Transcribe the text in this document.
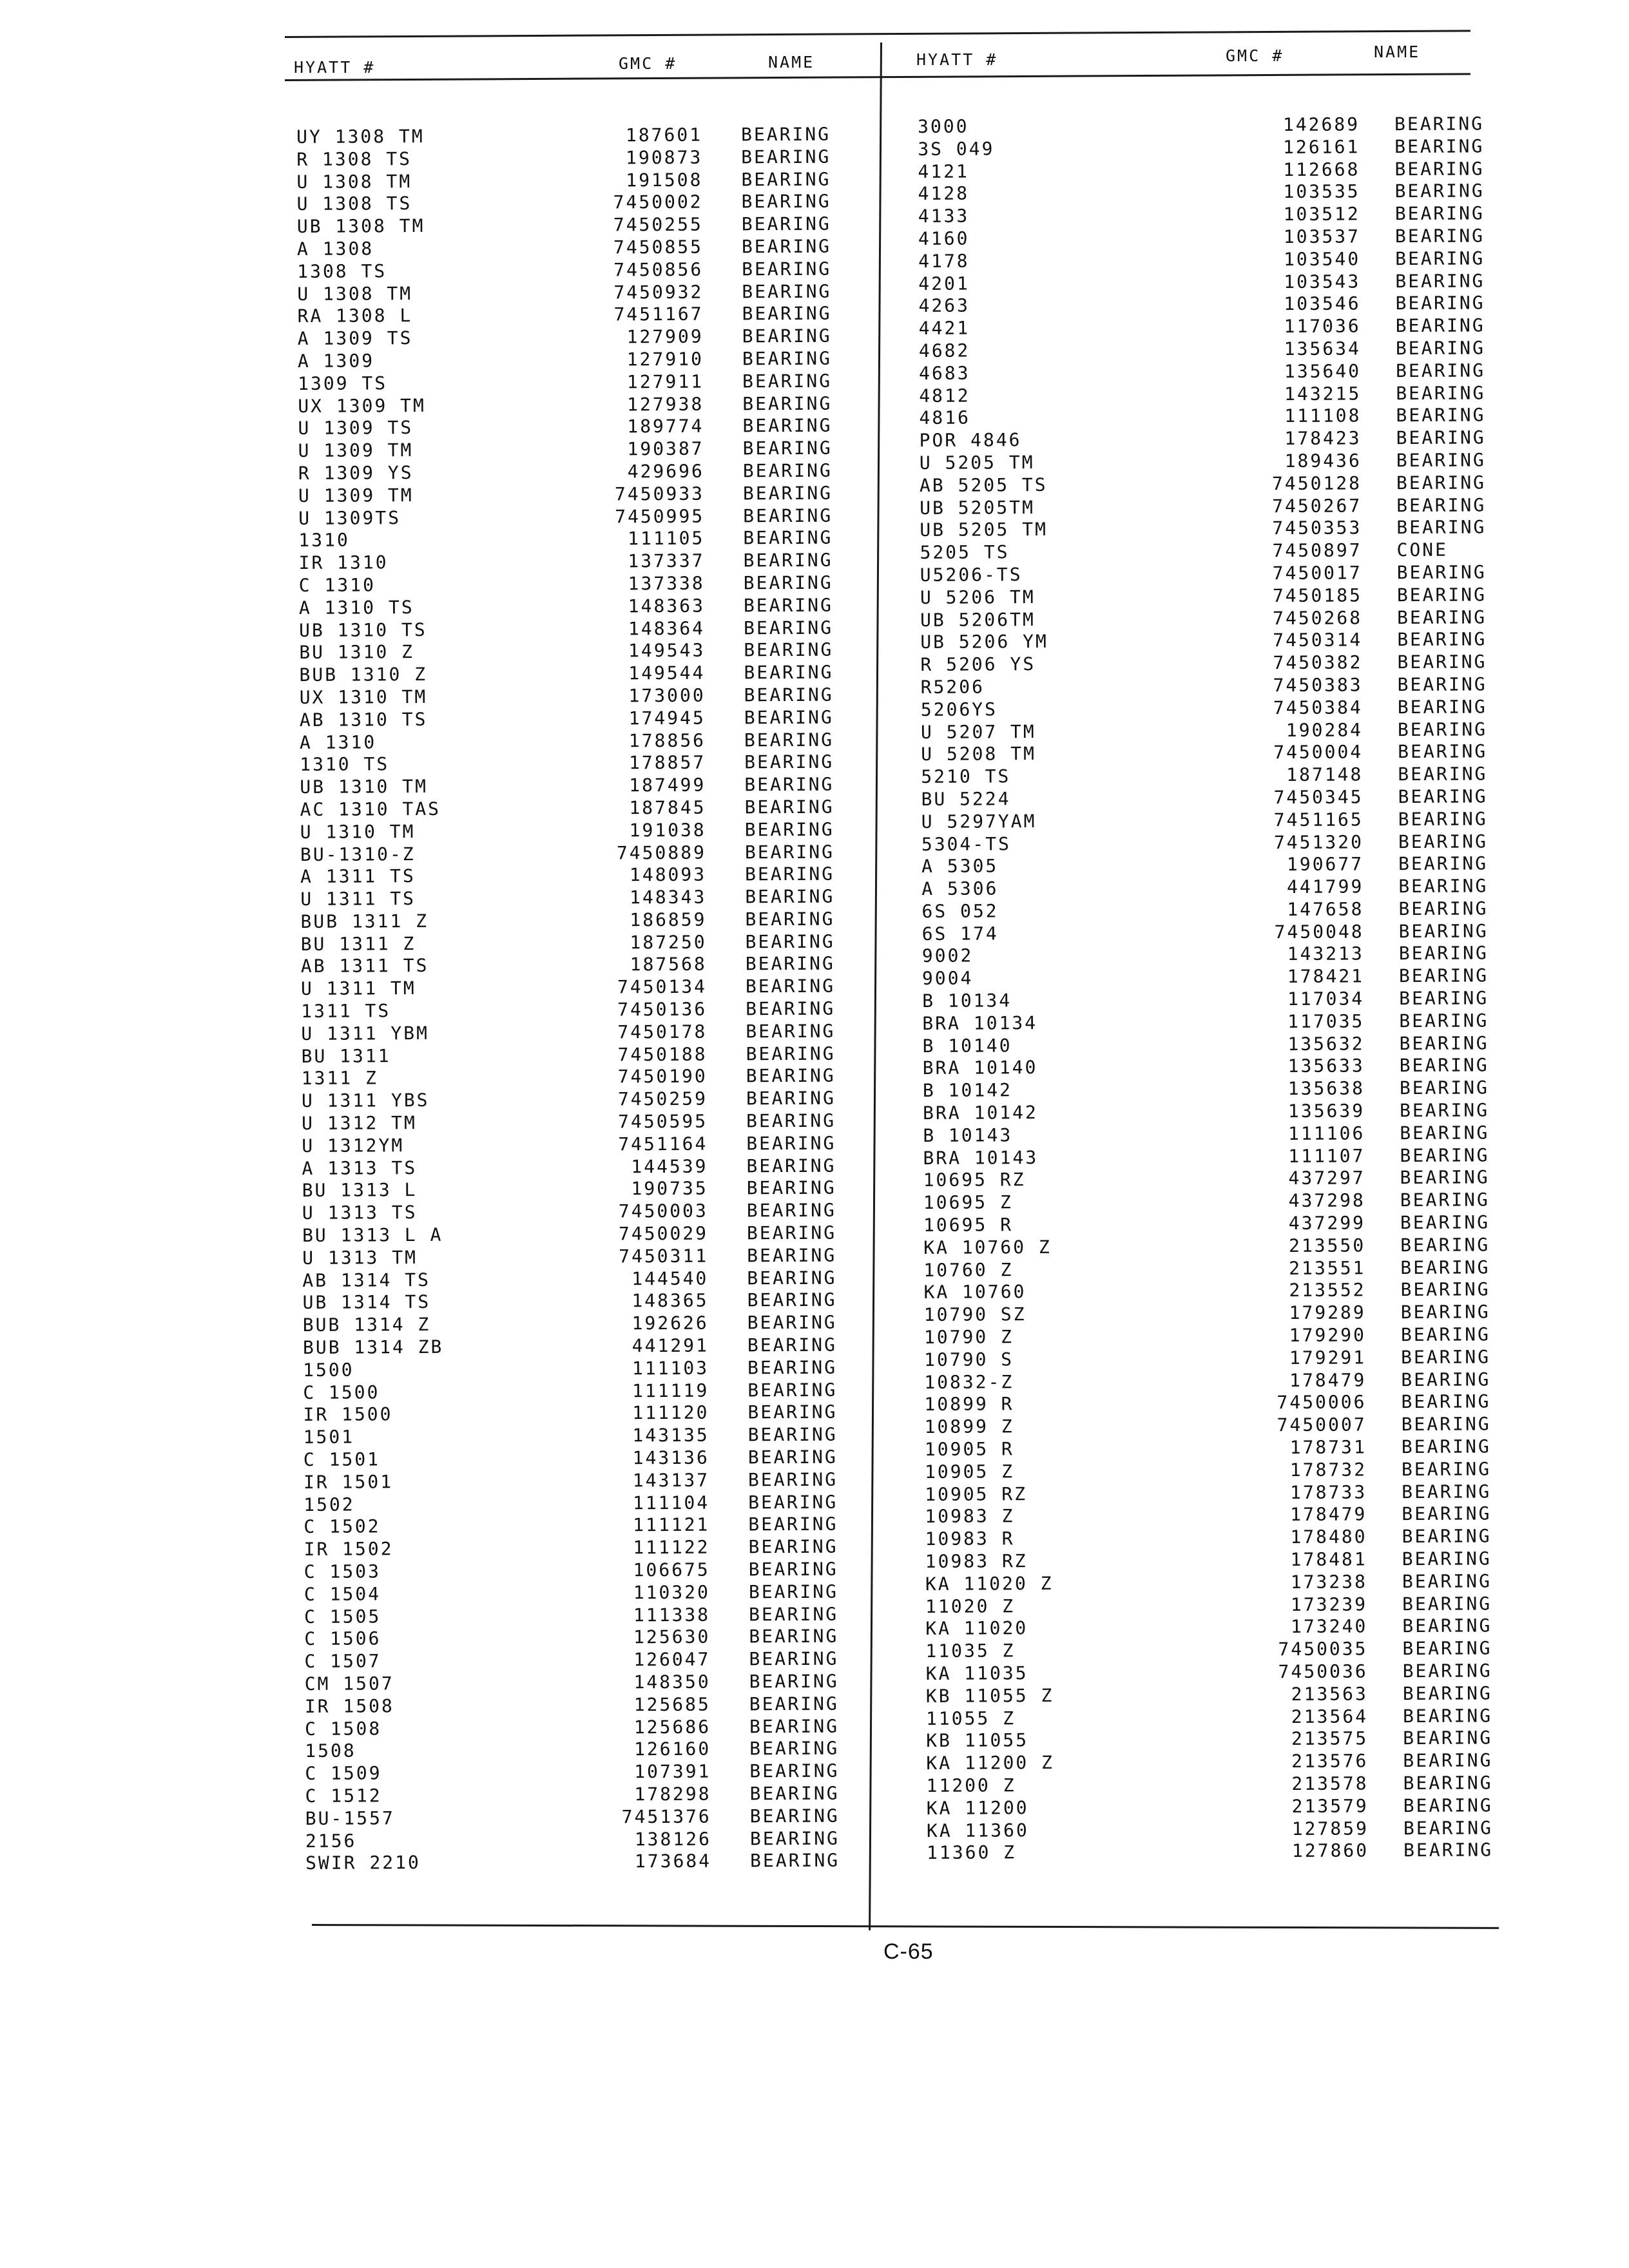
HYATT #	GMC #	NAME	HYATT #	GMC #	NAME
UY 1308 TM	187601 BEARING
R 1308 TS	190873 BEARING
U 1308 TM	191508 BEARING
U 1308 TS	7450002 BEARING
UB 1308 TM	7450255 BEARING
A 1308	7450855 BEARING
1308 TS	7450856 BEARING
U 1308 TM	7450932 BEARING
RA 1308 L	7451167 BEARING
A 1309 TS	127909 BEARING
A 1309	127910 BEARING
1309 TS	127911 BEARING
UX 1309 TM	127938 BEARING
U 1309 TS	189774 BEARING
U 1309 TM	190387 BEARING
R 1309 YS	429696 BEARING
U 1309 TM	7450933 BEARING
U 1309TS	7450995 BEARING
1310	111105 BEARING
IR 1310	137337 BEARING
C 1310	137338 BEARING
A 1310 TS	148363 BEARING
UB 1310 TS	148364 BEARING
BU 1310 Z	149543 BEARING
BUB 1310 Z	149544 BEARING
UX 1310 TM	173000 BEARING
AB 1310 TS	174945 BEARING
A 1310	178856 BEARING
1310 TS	178857 BEARING
UB 1310 TM	187499 BEARING
AC 1310 TAS	187845 BEARING
U 1310 TM	191038 BEARING
BU-1310-Z	7450889 BEARING
A 1311 TS	148093 BEARING
U 1311 TS	148343 BEARING
BUB 1311 Z	186859 BEARING
BU 1311 Z	187250 BEARING
AB 1311 TS	187568 BEARING
U 1311 TM	7450134 BEARING
1311 TS	7450136 BEARING
U 1311 YBM	7450178 BEARING
BU 1311	7450188 BEARING
1311 Z	7450190 BEARING
U 1311 YBS	7450259 BEARING
U 1312 TM	7450595 BEARING
U 1312YM	7451164 BEARING
A 1313 TS	144539 BEARING
BU 1313 L	190735 BEARING
U 1313 TS	7450003 BEARING
BU 1313 L A	7450029 BEARING
U 1313 TM	7450311 BEARING
AB 1314 TS	144540 BEARING
UB 1314 TS	148365 BEARING
BUB 1314 Z	192626 BEARING
BUB 1314 ZB	441291 BEARING
1500	111103 BEARING
C 1500	111119 BEARING
IR 1500	111120 BEARING
1501	143135 BEARING
C 1501	143136 BEARING
IR 1501	143137 BEARING
1502	111104 BEARING
C 1502	111121 BEARING
IR 1502	111122 BEARING
C 1503	106675 BEARING
C 1504	110320 BEARING
C 1505	111338 BEARING
C 1506	125630 BEARING
C 1507	126047 BEARING
CM 1507	148350 BEARING
IR 1508	125685 BEARING
C 1508	125686 BEARING
1508	126160 BEARING
C 1509	107391 BEARING
C 1512	178298 BEARING
BU-1557	7451376 BEARING
2156	138126 BEARING
SWIR 2210	173684 BEARING
3000	142689 BEARING
3S 049	126161 BEARING
4121	112668 BEARING
4128	103535 BEARING
4133	103512 BEARING
4160	103537 BEARING
4178	103540 BEARING
4201	103543 BEARING
4263	103546 BEARING
4421	117036 BEARING
4682	135634 BEARING
4683	135640 BEARING
4812	143215 BEARING
4816	111108 BEARING
POR 4846	178423 BEARING
U 5205 TM	189436 BEARING
AB 5205 TS	7450128 BEARING
UB 5205TM	7450267 BEARING
UB 5205 TM	7450353 BEARING
5205 TS	7450897 CONE
U5206-TS	7450017 BEARING
U 5206 TM	7450185 BEARING
UB 5206TM	7450268 BEARING
UB 5206 YM	7450314 BEARING
R 5206 YS	7450382 BEARING
R5206	7450383 BEARING
5206YS	7450384 BEARING
U 5207 TM	190284 BEARING
U 5208 TM	7450004 BEARING
5210 TS	187148 BEARING
BU 5224	7450345 BEARING
U 5297YAM	7451165 BEARING
5304-TS	7451320 BEARING
A 5305	190677 BEARING
A 5306	441799 BEARING
6S 052	147658 BEARING
6S 174	7450048 BEARING
9002	143213 BEARING
9004	178421 BEARING
B 10134	117034 BEARING
BRA 10134	117035 BEARING
B 10140	135632 BEARING
BRA 10140	135633 BEARING
B 10142	135638 BEARING
BRA 10142	135639 BEARING
B 10143	111106 BEARING
BRA 10143	111107 BEARING
10695 RZ	437297 BEARING
10695 Z	437298 BEARING
10695 R	437299 BEARING
KA 10760 Z	213550 BEARING
10760 Z	213551 BEARING
KA 10760	213552 BEARING
10790 SZ	179289 BEARING
10790 Z	179290 BEARING
10790 S	179291 BEARING
10832-Z	178479 BEARING
10899 R	7450006 BEARING
10899 Z	7450007 BEARING
10905 R	178731 BEARING
10905 Z	178732 BEARING
10905 RZ	178733 BEARING
10983 Z	178479 BEARING
10983 R	178480 BEARING
10983 RZ	178481 BEARING
KA 11020 Z	173238 BEARING
11020 Z	173239 BEARING
KA 11020	173240 BEARING
11035 Z	7450035 BEARING
KA 11035	7450036 BEARING
KB 11055 Z	213563 BEARING
11055 Z	213564 BEARING
KB 11055	213575 BEARING
KA 11200 Z	213576 BEARING
11200 Z	213578 BEARING
KA 11200	213579 BEARING
KA 11360	127859 BEARING
11360 Z	127860 BEARING
C-65
